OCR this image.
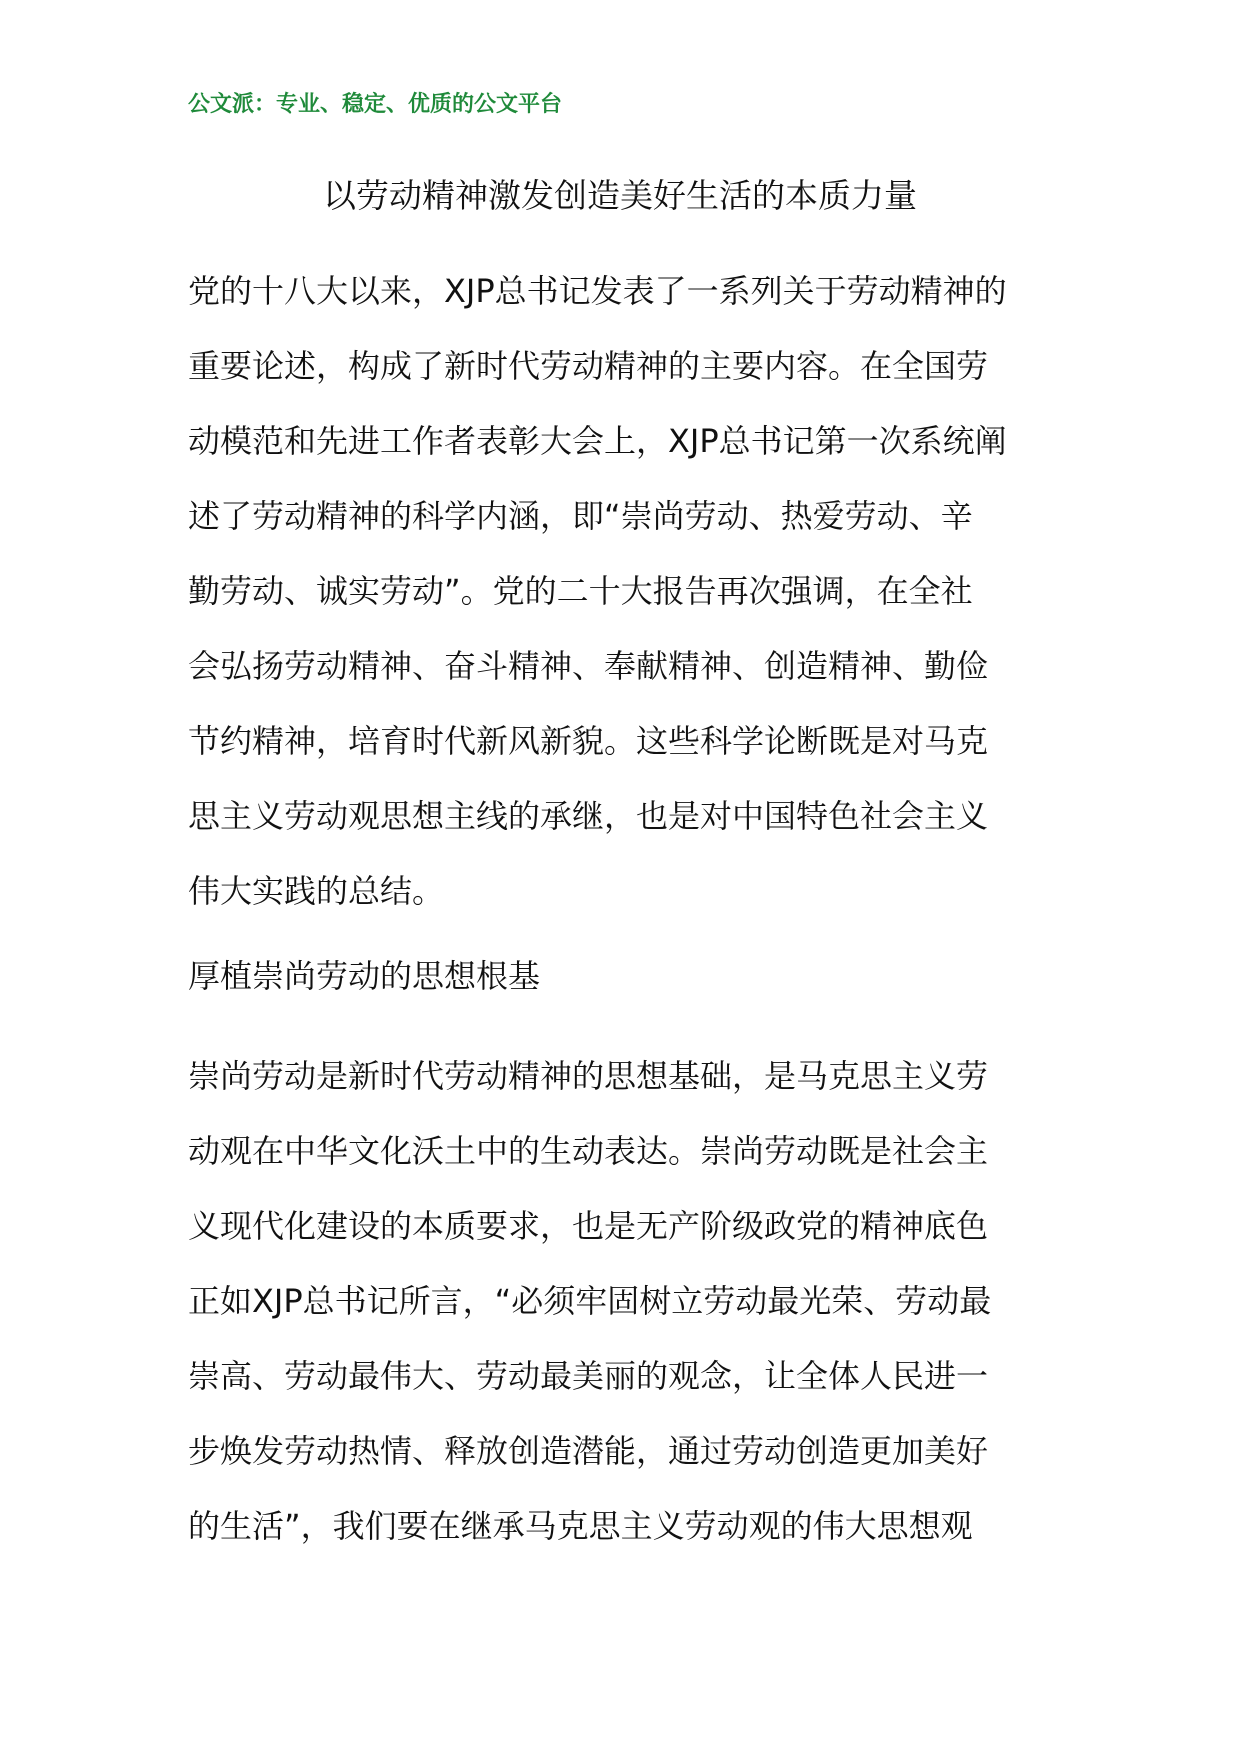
公文派：专业、稳定、优质的公文平台
以劳动精神激发创造美好生活的本质力量
党的十八大以来，XJP总书记发表了一系列关于劳动精神的
重要论述，构成了新时代劳动精神的主要内容。在全国劳
动模范和先进工作者表彰大会上，XJP总书记第一次系统阐
述了劳动精神的科学内涵，即“崇尚劳动、热爱劳动、辛
勤劳动、诚实劳动”。党的二十大报告再次强调，在全社
会弘扬劳动精神、奋斗精神、奉献精神、创造精神、勤俭
节约精神，培育时代新风新貌。这些科学论断既是对马克
思主义劳动观思想主线的承继，也是对中国特色社会主义
伟大实践的总结。
厚植崇尚劳动的思想根基
崇尚劳动是新时代劳动精神的思想基础，是马克思主义劳
动观在中华文化沃土中的生动表达。崇尚劳动既是社会主
义现代化建设的本质要求，也是无产阶级政党的精神底色
正如XJP总书记所言，“必须牢固树立劳动最光荣、劳动最
崇高、劳动最伟大、劳动最美丽的观念，让全体人民进一
步焕发劳动热情、释放创造潜能，通过劳动创造更加美好
的生活”，我们要在继承马克思主义劳动观的伟大思想观
